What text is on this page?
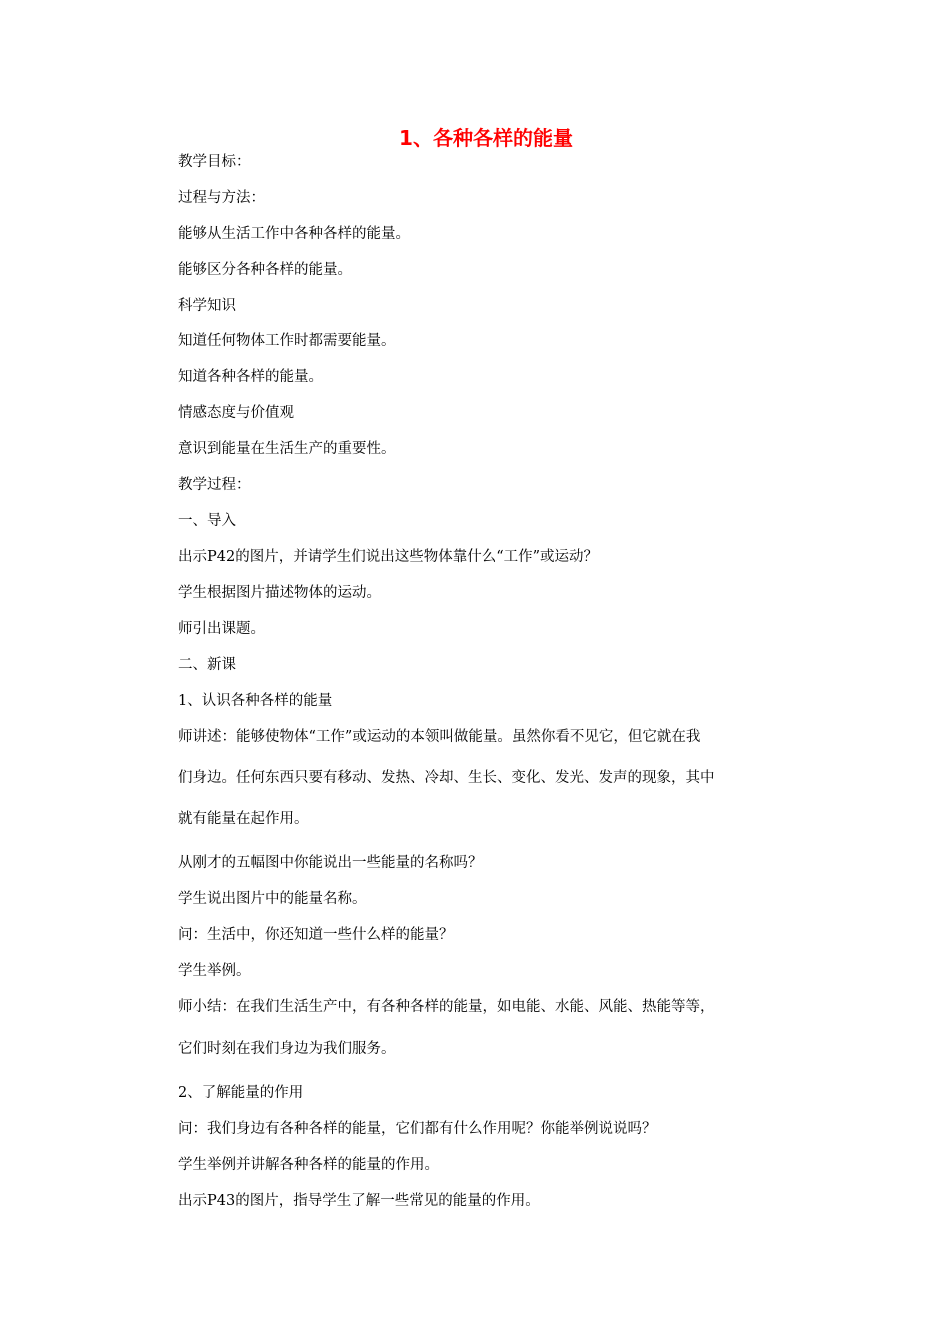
1、各种各样的能量

教学目标：

过程与方法：

能够从生活工作中各种各样的能量。

能够区分各种各样的能量。

科学知识

知道任何物体工作时都需要能量。

知道各种各样的能量。

情感态度与价值观

意识到能量在生活生产的重要性。

教学过程：

一、导入

出示P42的图片，并请学生们说出这些物体靠什么“工作”或运动？

学生根据图片描述物体的运动。

师引出课题。

二、新课

1、认识各种各样的能量

师讲述：能够使物体“工作”或运动的本领叫做能量。虽然你看不见它，但它就在我

们身边。任何东西只要有移动、发热、冷却、生长、变化、发光、发声的现象，其中

就有能量在起作用。

从刚才的五幅图中你能说出一些能量的名称吗？

学生说出图片中的能量名称。

问：生活中，你还知道一些什么样的能量？

学生举例。

师小结：在我们生活生产中，有各种各样的能量，如电能、水能、风能、热能等等，

它们时刻在我们身边为我们服务。

2、了解能量的作用

问：我们身边有各种各样的能量，它们都有什么作用呢？你能举例说说吗？

学生举例并讲解各种各样的能量的作用。

出示P43的图片，指导学生了解一些常见的能量的作用。
